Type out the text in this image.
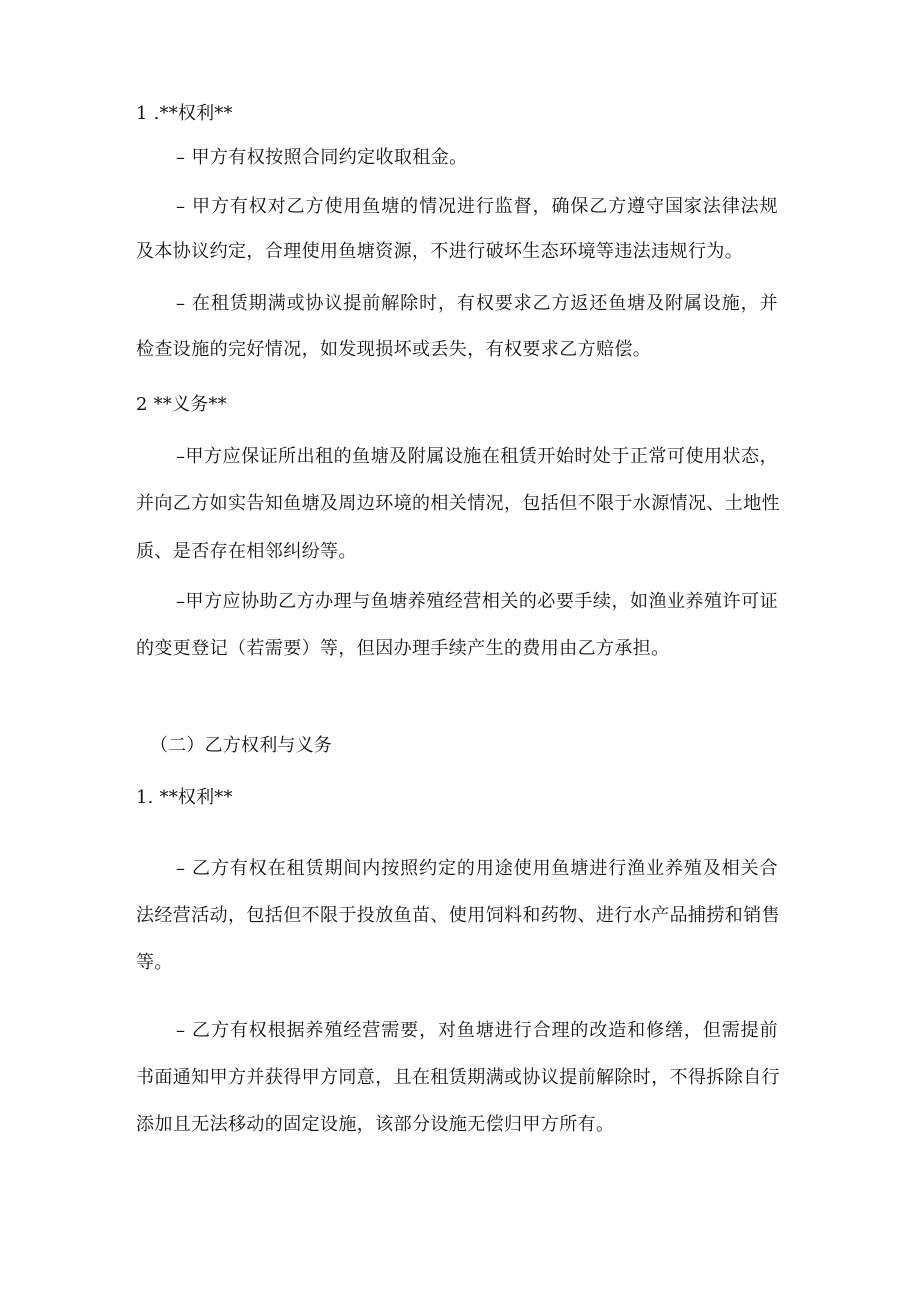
1 .**权利**
– 甲方有权按照合同约定收取租金。
– 甲方有权对乙方使用鱼塘的情况进行监督，确保乙方遵守国家法律法规
及本协议约定，合理使用鱼塘资源，不进行破坏生态环境等违法违规行为。
– 在租赁期满或协议提前解除时，有权要求乙方返还鱼塘及附属设施，并
检查设施的完好情况，如发现损坏或丢失，有权要求乙方赔偿。
2 **义务**
–甲方应保证所出租的鱼塘及附属设施在租赁开始时处于正常可使用状态，
并向乙方如实告知鱼塘及周边环境的相关情况，包括但不限于水源情况、土地性
质、是否存在相邻纠纷等。
–甲方应协助乙方办理与鱼塘养殖经营相关的必要手续，如渔业养殖许可证
的变更登记（若需要）等，但因办理手续产生的费用由乙方承担。
（二）乙方权利与义务
1. **权利**
– 乙方有权在租赁期间内按照约定的用途使用鱼塘进行渔业养殖及相关合
法经营活动，包括但不限于投放鱼苗、使用饲料和药物、进行水产品捕捞和销售
等。
– 乙方有权根据养殖经营需要，对鱼塘进行合理的改造和修缮，但需提前
书面通知甲方并获得甲方同意，且在租赁期满或协议提前解除时，不得拆除自行
添加且无法移动的固定设施，该部分设施无偿归甲方所有。
